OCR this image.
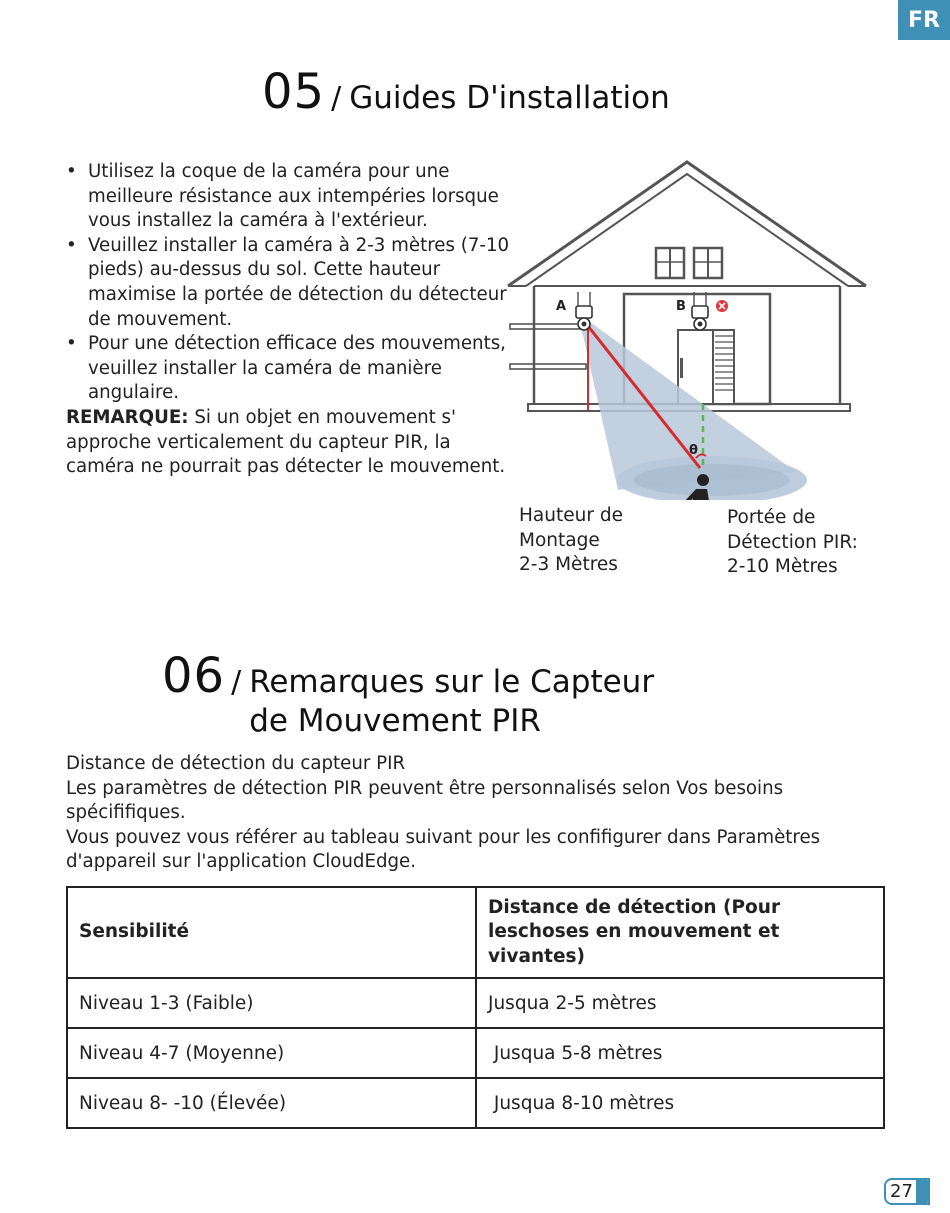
FR
05 / Guides D'installation
• Utilisez la coque de la caméra pour une meilleure résistance aux intempéries lorsque vous installez la caméra à l'extérieur.
• Veuillez installer la caméra à 2-3 mètres (7-10 pieds) au-dessus du sol. Cette hauteur maximise la portée de détection du détecteur de mouvement.
• Pour une détection efficace des mouvements, veuillez installer la caméra de manière angulaire.
REMARQUE: Si un objet en mouvement s' approche verticalement du capteur PIR, la caméra ne pourrait pas détecter le mouvement.
θ
A	B
Hauteur de
Montage
2-3 Mètres
Portée de
Détection PIR:
2-10 Mètres
06 / Remarques sur le Capteur
de Mouvement PIR

Distance de détection du capteur PIR

Les paramètres de détection PIR peuvent être personnalisés selon Vos besoins spécififiques.

Vous pouvez vous référer au tableau suivant pour les confifigurer dans Paramètres d'appareil sur l'application CloudEdge.

Sensibilité	Distance de détection (Pour leschoses en mouvement et vivantes)
Niveau 1-3 (Faible)	Jusqua 2-5 mètres
Niveau 4-7 (Moyenne)	Jusqua 5-8 mètres
Niveau 8- -10 (Élevée)	Jusqua 8-10 mètres
27
